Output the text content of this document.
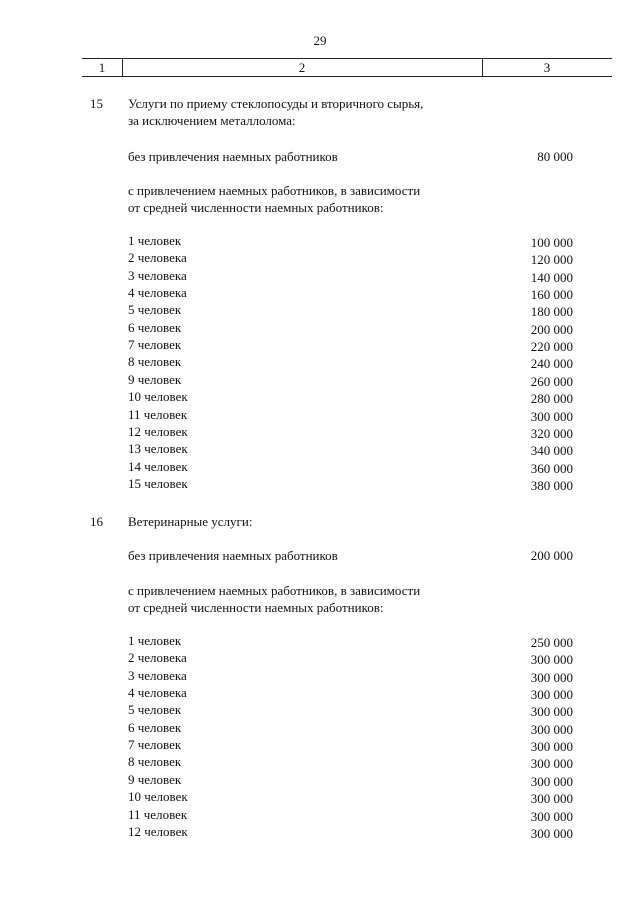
29
1	2	3
15 Услуги по приему стеклопосуды и вторичного сырья,
за исключением металлолома:
без привлечения наемных работников	80 000
с привлечением наемных работников, в зависимости
от средней численности наемных работников:
1 человек	100 000
2 человека	120 000
3 человека	140 000
4 человека	160 000
5 человек	180 000
6 человек	200 000
7 человек	220 000
8 человек	240 000
9 человек	260 000
10 человек	280 000
11 человек	300 000
12 человек	320 000
13 человек	340 000
14 человек	360 000
15 человек	380 000
16 Ветеринарные услуги:
без привлечения наемных работников	200 000
с привлечением наемных работников, в зависимости
от средней численности наемных работников:
1 человек	250 000
2 человека	300 000
3 человека	300 000
4 человека	300 000
5 человек	300 000
6 человек	300 000
7 человек	300 000
8 человек	300 000
9 человек	300 000
10 человек	300 000
11 человек	300 000
12 человек	300 000
